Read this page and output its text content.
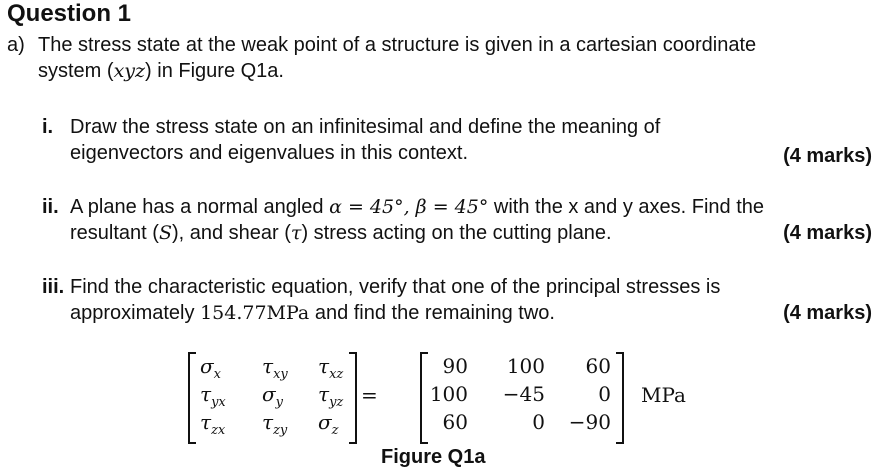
Question 1
a) The stress state at the weak point of a structure is given in a cartesian coordinate
system (xyz) in Figure Q1a.
i. Draw the stress state on an infinitesimal and define the meaning of
eigenvectors and eigenvalues in this context.	(4 marks)
ii. A plane has a normal angled α = 45°, β = 45° with the x and y axes. Find the
resultant (S), and shear (τ) stress acting on the cutting plane.	(4 marks)
iii. Find the characteristic equation, verify that one of the principal stresses is
approximately 154.77MPa and find the remaining two.	(4 marks)
$\sigma_x$ $\tau_{xy}$ $\tau_{xz}$
$\tau_{yx}$ $\sigma_y$ $\tau_{yz}$
$\tau_{zx}$ $\tau_{zy}$ $\sigma_z$
=
90 100 60
100 −45	0
60	0 −90
MPa
Figure Q1a
